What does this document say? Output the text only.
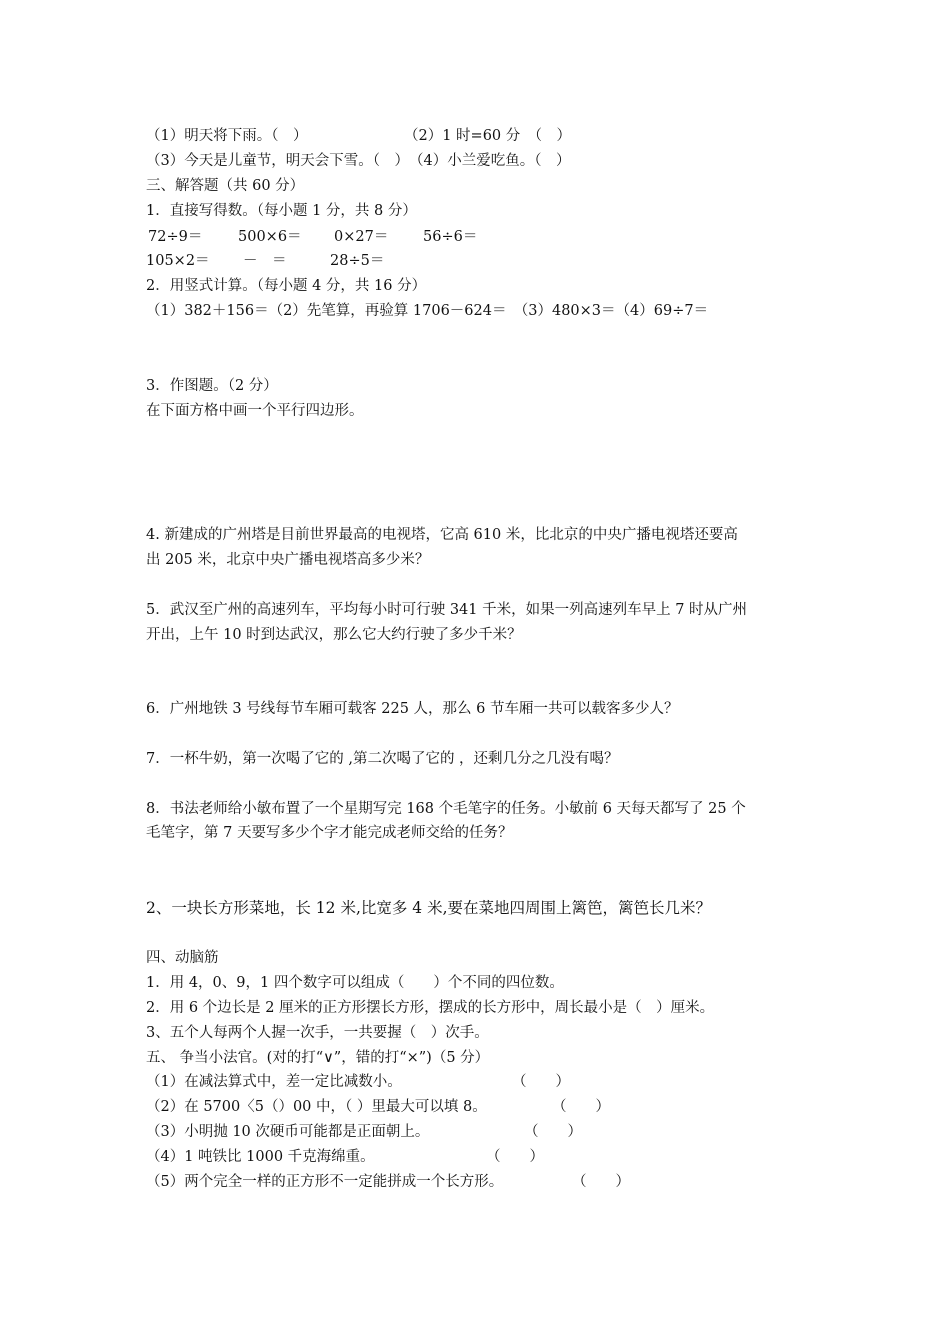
（1）明天将下雨。（　）	（2）1 时=60 分　（　）
（3）今天是儿童节，明天会下雪。（　）　（4）小兰爱吃鱼。（　）
三、解答题（共 60 分）
1．直接写得数。（每小题 1 分，共 8 分）
72÷9＝ 500×6＝ 0×27＝ 56÷6＝
105×2＝ －　＝	28÷5＝
2．用竖式计算。（每小题 4 分，共 16 分）
（1）382＋156＝（2）先笔算，再验算 1706－624＝　（3）480×3＝（4）69÷7＝
3．作图题。（2 分）
在下面方格中画一个平行四边形。
4. 新建成的广州塔是目前世界最高的电视塔，它高 610 米，比北京的中央广播电视塔还要高
出 205 米，北京中央广播电视塔高多少米？
5．武汉至广州的高速列车，平均每小时可行驶 341 千米，如果一列高速列车早上 7 时从广州
开出，上午 10 时到达武汉，那么它大约行驶了多少千米？
6．广州地铁 3 号线每节车厢可载客 225 人，那么 6 节车厢一共可以载客多少人？
7．一杯牛奶，第一次喝了它的 ,第二次喝了它的 ，还剩几分之几没有喝？
8．书法老师给小敏布置了一个星期写完 168 个毛笔字的任务。小敏前 6 天每天都写了 25 个
毛笔字，第 7 天要写多少个字才能完成老师交给的任务？
2、一块长方形菜地，长 12 米,比宽多 4 米,要在菜地四周围上篱笆，篱笆长几米？
四、动脑筋
1．用 4，0、9，1 四个数字可以组成（　　）个不同的四位数。
2．用 6 个边长是 2 厘米的正方形摆长方形，摆成的长方形中，周长最小是（　）厘米。
3、五个人每两个人握一次手，一共要握（　）次手。
五、 争当小法官。(对的打“∨”，错的打“×”)（5 分）
（1）在减法算式中，差一定比减数小。	（　　）
（2）在 5700〈5（）00 中，（ ）里最大可以填 8。	（　　）
（3）小明抛 10 次硬币可能都是正面朝上。	（　　）
（4）1 吨铁比 1000 千克海绵重。	（　　）
（5）两个完全一样的正方形不一定能拼成一个长方形。	（　　）
